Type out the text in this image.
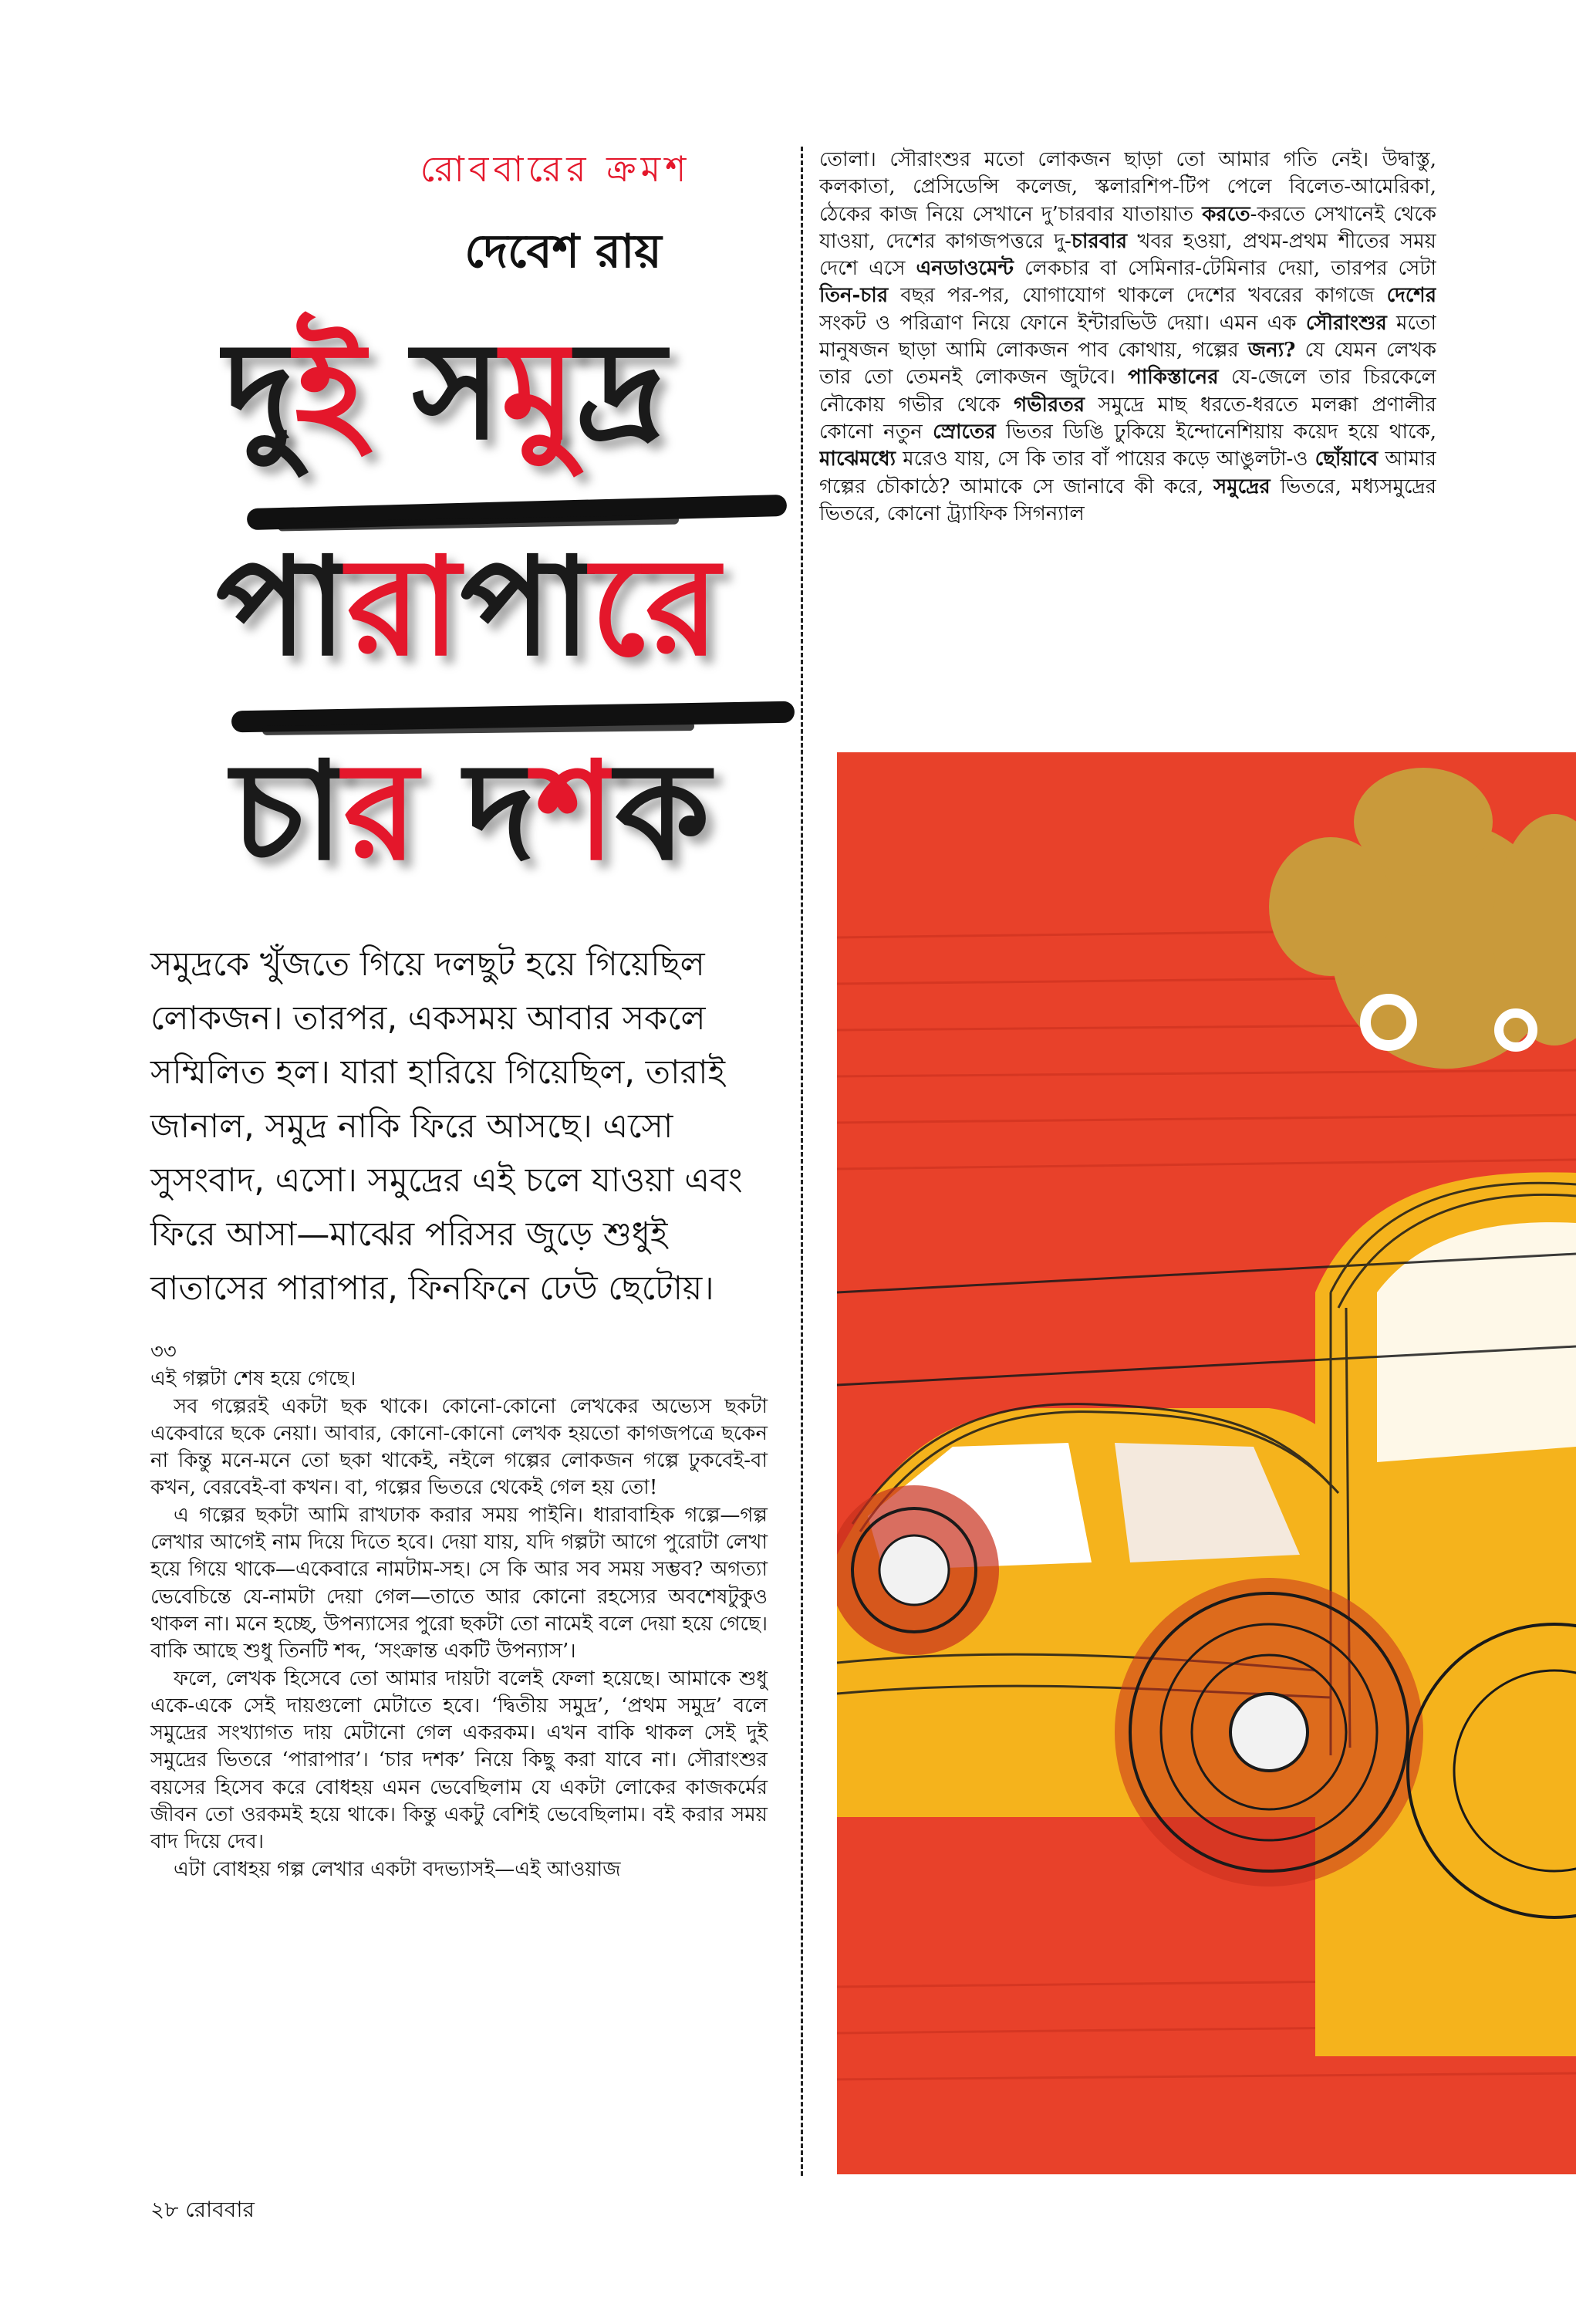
রোববারের ক্রমশ
দেবেশ রায়
দুই সমুদ্র
পারাপারে
চার দশক
সমুদ্রকে খুঁজতে গিয়ে দলছুট হয়ে গিয়েছিল লোকজন। তারপর, একসময় আবার সকলে সম্মিলিত হল। যারা হারিয়ে গিয়েছিল, তারাই জানাল, সমুদ্র নাকি ফিরে আসছে। এসো সুসংবাদ, এসো। সমুদ্রের এই চলে যাওয়া এবং ফিরে আসা—মাঝের পরিসর জুড়ে শুধুই বাতাসের পারাপার, ফিনফিনে ঢেউ ছেটোয়।

৩৩

এই গল্পটা শেষ হয়ে গেছে।

সব গল্পেরই একটা ছক থাকে। কোনো-কোনো লেখকের অভ্যেস ছকটা একেবারে ছকে নেয়া। আবার, কোনো-কোনো লেখক হয়তো কাগজপত্রে ছকেন না কিন্তু মনে-মনে তো ছকা থাকেই, নইলে গল্পের লোকজন গল্পে ঢুকবেই-বা কখন, বেরবেই-বা কখন। বা, গল্পের ভিতরে থেকেই গেল হয় তো!

এ গল্পের ছকটা আমি রাখঢাক করার সময় পাইনি। ধারাবাহিক গল্পে—গল্প লেখার আগেই নাম দিয়ে দিতে হবে। দেয়া যায়, যদি গল্পটা আগে পুরোটা লেখা হয়ে গিয়ে থাকে—একেবারে নামটাম-সহ। সে কি আর সব সময় সম্ভব? অগত্যা ভেবেচিন্তে যে-নামটা দেয়া গেল—তাতে আর কোনো রহস্যের অবশেষটুকুও থাকল না। মনে হচ্ছে, উপন্যাসের পুরো ছকটা তো নামেই বলে দেয়া হয়ে গেছে। বাকি আছে শুধু তিনটি শব্দ, ‘সংক্রান্ত একটি উপন্যাস’।

ফলে, লেখক হিসেবে তো আমার দায়টা বলেই ফেলা হয়েছে। আমাকে শুধু একে-একে সেই দায়গুলো মেটাতে হবে। ‘দ্বিতীয় সমুদ্র’, ‘প্রথম সমুদ্র’ বলে সমুদ্রের সংখ্যাগত দায় মেটানো গেল একরকম। এখন বাকি থাকল সেই দুই সমুদ্রের ভিতরে ‘পারাপার’। ‘চার দশক’ নিয়ে কিছু করা যাবে না। সৌরাংশুর বয়সের হিসেব করে বোধহয় এমন ভেবেছিলাম যে একটা লোকের কাজকর্মের জীবন তো ওরকমই হয়ে থাকে। কিন্তু একটু বেশিই ভেবেছিলাম। বই করার সময় বাদ দিয়ে দেব।

এটা বোধহয় গল্প লেখার একটা বদভ্যাসই—এই আওয়াজ

তোলা। সৌরাংশুর মতো লোকজন ছাড়া তো আমার গতি নেই। উদ্বাস্তু, কলকাতা, প্রেসিডেন্সি কলেজ, স্কলারশিপ-টিপ পেলে বিলেত-আমেরিকা, ঠেকের কাজ নিয়ে সেখানে দু’চারবার যাতায়াত করতে-করতে সেখানেই থেকে যাওয়া, দেশের কাগজপত্তরে দু-চারবার খবর হওয়া, প্রথম-প্রথম শীতের সময় দেশে এসে এনডাওমেন্ট লেকচার বা সেমিনার-টেমিনার দেয়া, তারপর সেটা তিন-চার বছর পর-পর, যোগাযোগ থাকলে দেশের খবরের কাগজে দেশের সংকট ও পরিত্রাণ নিয়ে ফোনে ইন্টারভিউ দেয়া। এমন এক সৌরাংশুর মতো মানুষজন ছাড়া আমি লোকজন পাব কোথায়, গল্পের জন্য? যে যেমন লেখক তার তো তেমনই লোকজন জুটবে। পাকিস্তানের যে-জেলে তার চিরকেলে নৌকোয় গভীর থেকে গভীরতর সমুদ্রে মাছ ধরতে-ধরতে মলক্কা প্রণালীর কোনো নতুন স্রোতের ভিতর ডিঙি ঢুকিয়ে ইন্দোনেশিয়ায় কয়েদ হয়ে থাকে, মাঝেমধ্যে মরেও যায়, সে কি তার বাঁ পায়ের কড়ে আঙুলটা-ও ছোঁয়াবে আমার গল্পের চৌকাঠে? আমাকে সে জানাবে কী করে, সমুদ্রের ভিতরে, মধ্যসমুদ্রের ভিতরে, কোনো ট্র্যাফিক সিগন্যাল

২৮ রোববার
